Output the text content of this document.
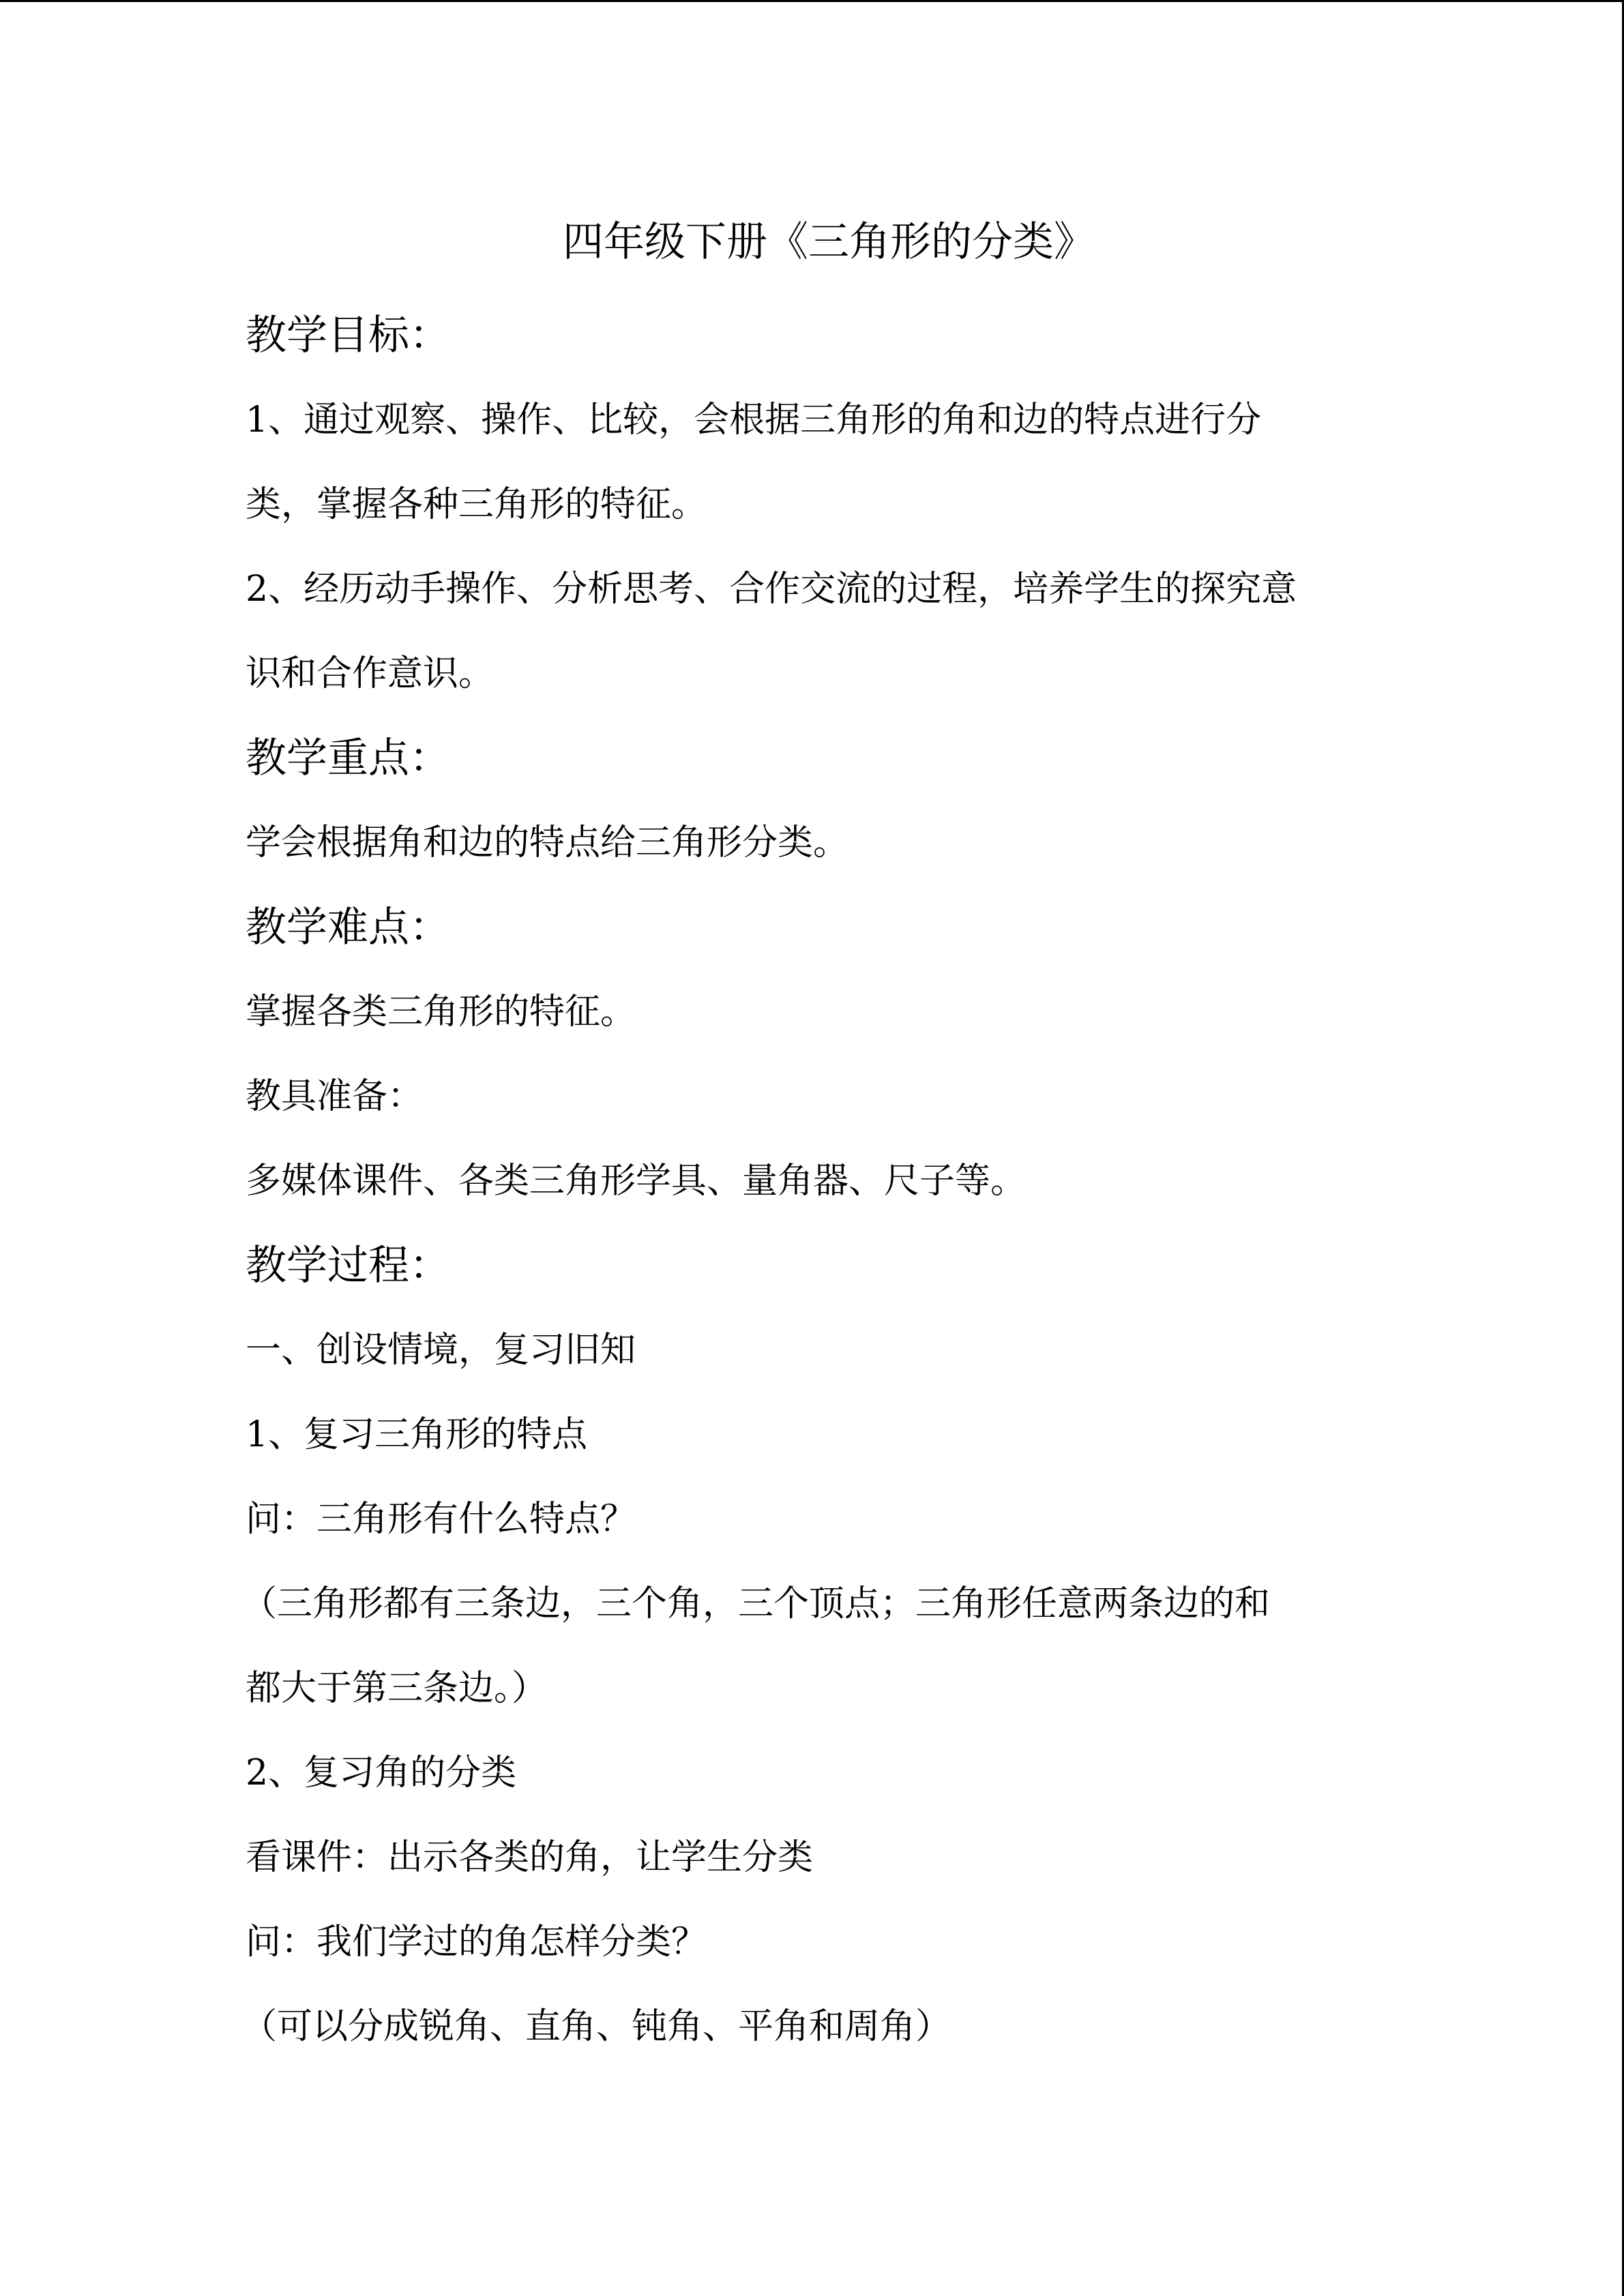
四年级下册《三角形的分类》
教学目标：
1、通过观察、操作、比较，会根据三角形的角和边的特点进行分
类，掌握各种三角形的特征。
2、经历动手操作、分析思考、合作交流的过程，培养学生的探究意
识和合作意识。
教学重点：
学会根据角和边的特点给三角形分类。
教学难点：
掌握各类三角形的特征。
教具准备：
多媒体课件、各类三角形学具、量角器、尺子等。
教学过程：
一、创设情境，复习旧知
1、复习三角形的特点
问：三角形有什么特点？
（三角形都有三条边，三个角，三个顶点；三角形任意两条边的和
都大于第三条边。）
2、复习角的分类
看课件：出示各类的角，让学生分类
问：我们学过的角怎样分类？
（可以分成锐角、直角、钝角、平角和周角）
